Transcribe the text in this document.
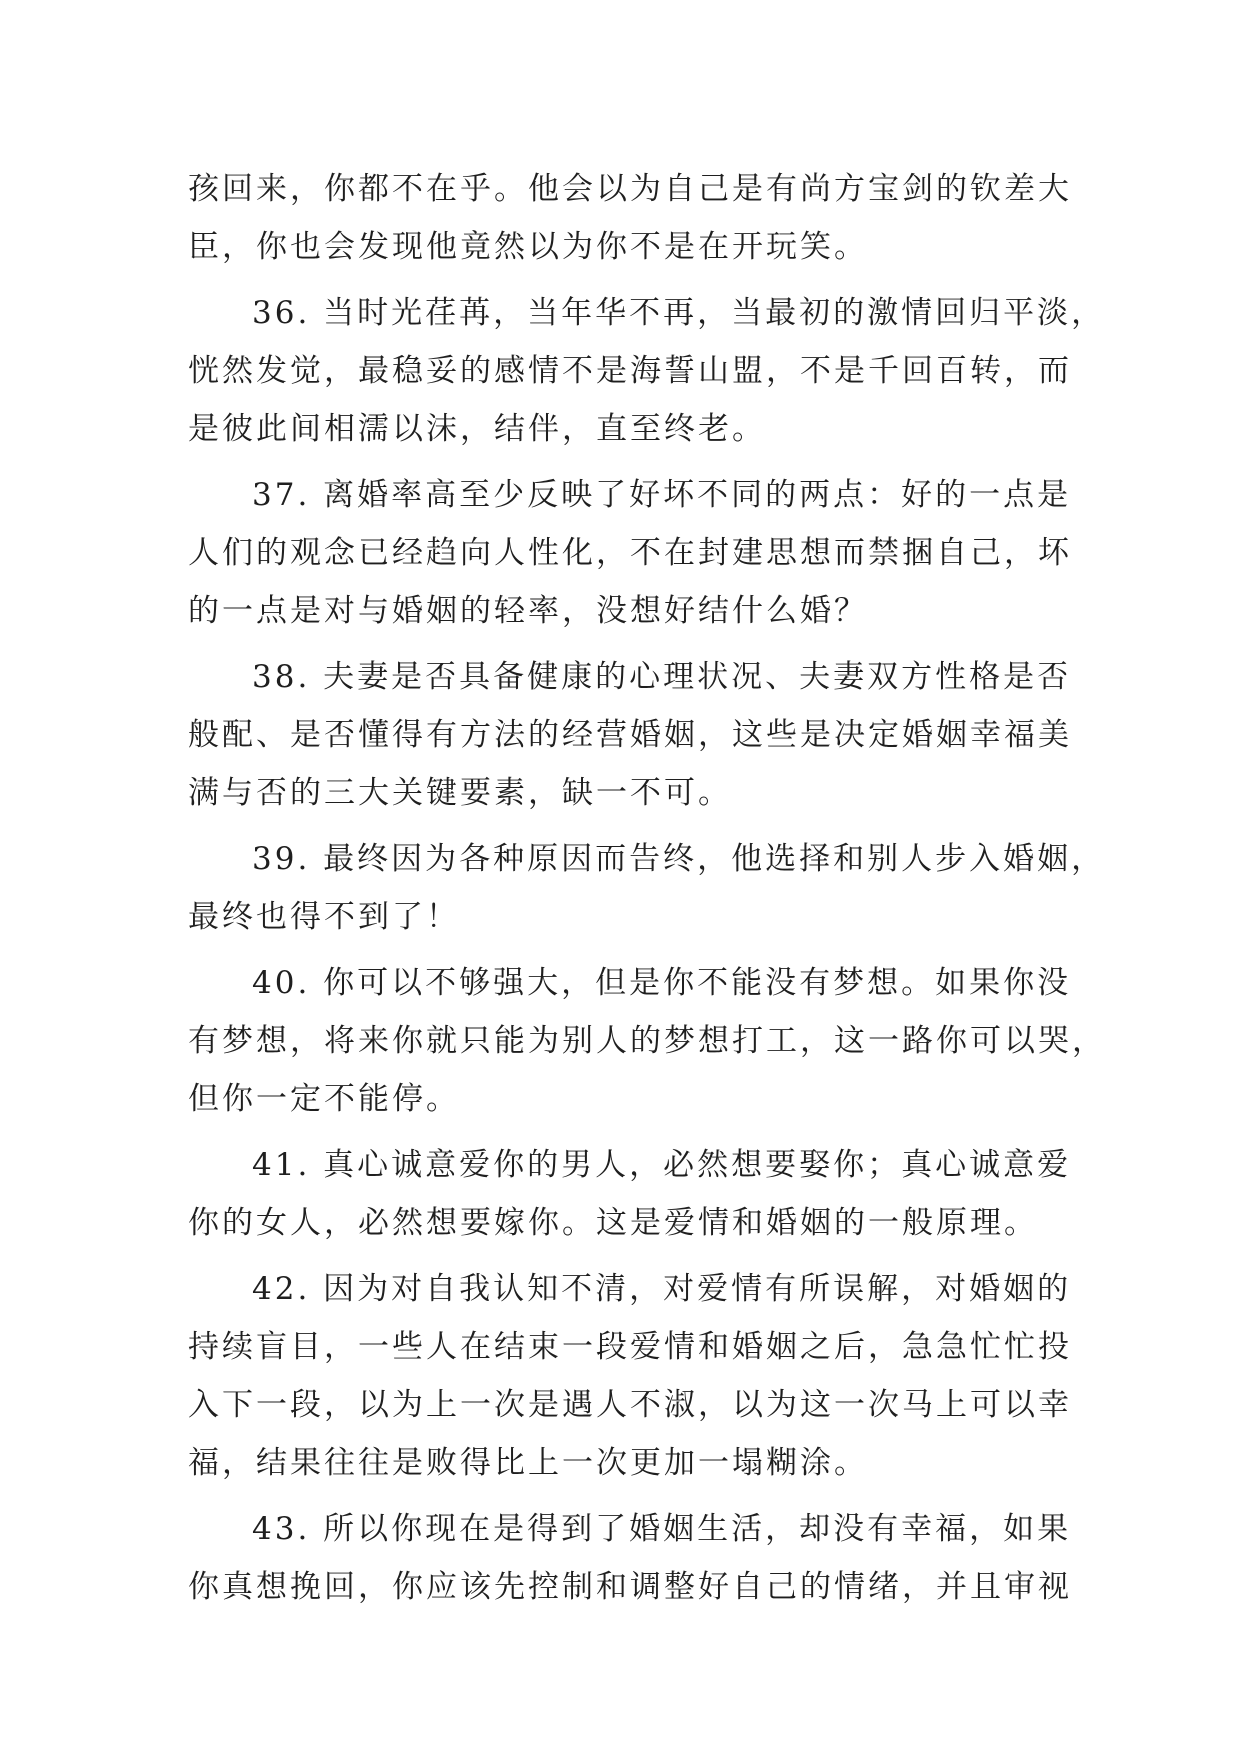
孩回来，你都不在乎。他会以为自己是有尚方宝剑的钦差大
臣，你也会发现他竟然以为你不是在开玩笑。

36. 当时光荏苒，当年华不再，当最初的激情回归平淡，
恍然发觉，最稳妥的感情不是海誓山盟，不是千回百转，而
是彼此间相濡以沫，结伴，直至终老。

37. 离婚率高至少反映了好坏不同的两点：好的一点是
人们的观念已经趋向人性化，不在封建思想而禁捆自己，坏
的一点是对与婚姻的轻率，没想好结什么婚？

38. 夫妻是否具备健康的心理状况、夫妻双方性格是否
般配、是否懂得有方法的经营婚姻，这些是决定婚姻幸福美
满与否的三大关键要素，缺一不可。

39. 最终因为各种原因而告终，他选择和别人步入婚姻，
最终也得不到了！

40. 你可以不够强大，但是你不能没有梦想。如果你没
有梦想，将来你就只能为别人的梦想打工，这一路你可以哭，
但你一定不能停。

41. 真心诚意爱你的男人，必然想要娶你；真心诚意爱
你的女人，必然想要嫁你。这是爱情和婚姻的一般原理。

42. 因为对自我认知不清，对爱情有所误解，对婚姻的
持续盲目，一些人在结束一段爱情和婚姻之后，急急忙忙投
入下一段，以为上一次是遇人不淑，以为这一次马上可以幸
福，结果往往是败得比上一次更加一塌糊涂。

43. 所以你现在是得到了婚姻生活，却没有幸福，如果
你真想挽回，你应该先控制和调整好自己的情绪，并且审视
